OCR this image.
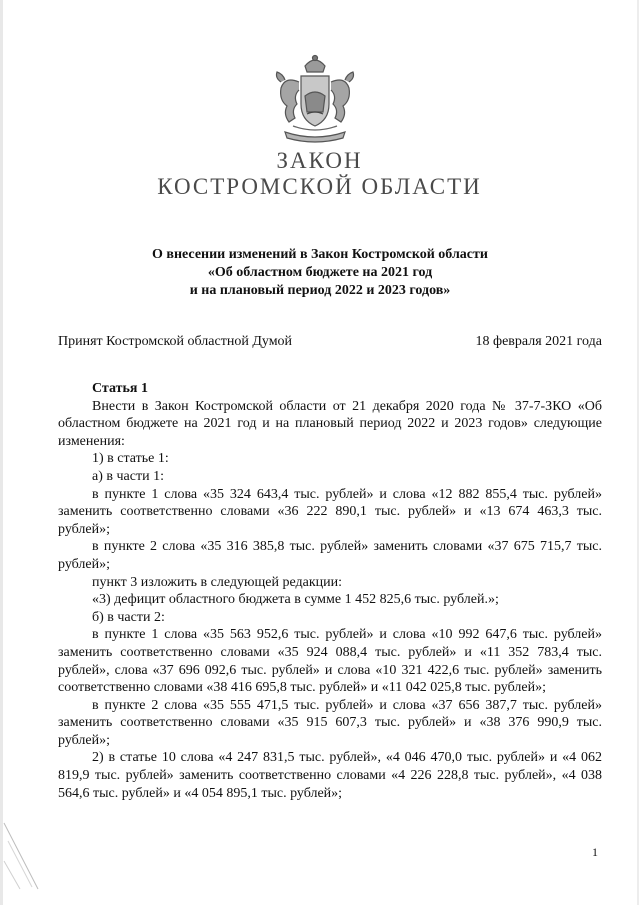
ЗАКОН
КОСТРОМСКОЙ ОБЛАСТИ
О внесении изменений в Закон Костромской области
«Об областном бюджете на 2021 год
и на плановый период 2022 и 2023 годов»
Принят Костромской областной Думой	18 февраля 2021 года

Статья 1

Внести в Закон Костромской области от 21 декабря 2020 года № 37-7-ЗКО «Об областном бюджете на 2021 год и на плановый период 2022 и 2023 годов» следующие изменения:

1) в статье 1:

а) в части 1:

в пункте 1 слова «35 324 643,4 тыс. рублей» и слова «12 882 855,4 тыс. рублей» заменить соответственно словами «36 222 890,1 тыс. рублей» и «13 674 463,3 тыс. рублей»;

в пункте 2 слова «35 316 385,8 тыс. рублей» заменить словами «37 675 715,7 тыс. рублей»;

пункт 3 изложить в следующей редакции:

«3) дефицит областного бюджета в сумме 1 452 825,6 тыс. рублей.»;

б) в части 2:

в пункте 1 слова «35 563 952,6 тыс. рублей» и слова «10 992 647,6 тыс. рублей» заменить соответственно словами «35 924 088,4 тыс. рублей» и «11 352 783,4 тыс. рублей», слова «37 696 092,6 тыс. рублей» и слова «10 321 422,6 тыс. рублей» заменить соответственно словами «38 416 695,8 тыс. рублей» и «11 042 025,8 тыс. рублей»;

в пункте 2 слова «35 555 471,5 тыс. рублей» и слова «37 656 387,7 тыс. рублей» заменить соответственно словами «35 915 607,3 тыс. рублей» и «38 376 990,9 тыс. рублей»;

2) в статье 10 слова «4 247 831,5 тыс. рублей», «4 046 470,0 тыс. рублей» и «4 062 819,9 тыс. рублей» заменить соответственно словами «4 226 228,8 тыс. рублей», «4 038 564,6 тыс. рублей» и «4 054 895,1 тыс. рублей»;

1
